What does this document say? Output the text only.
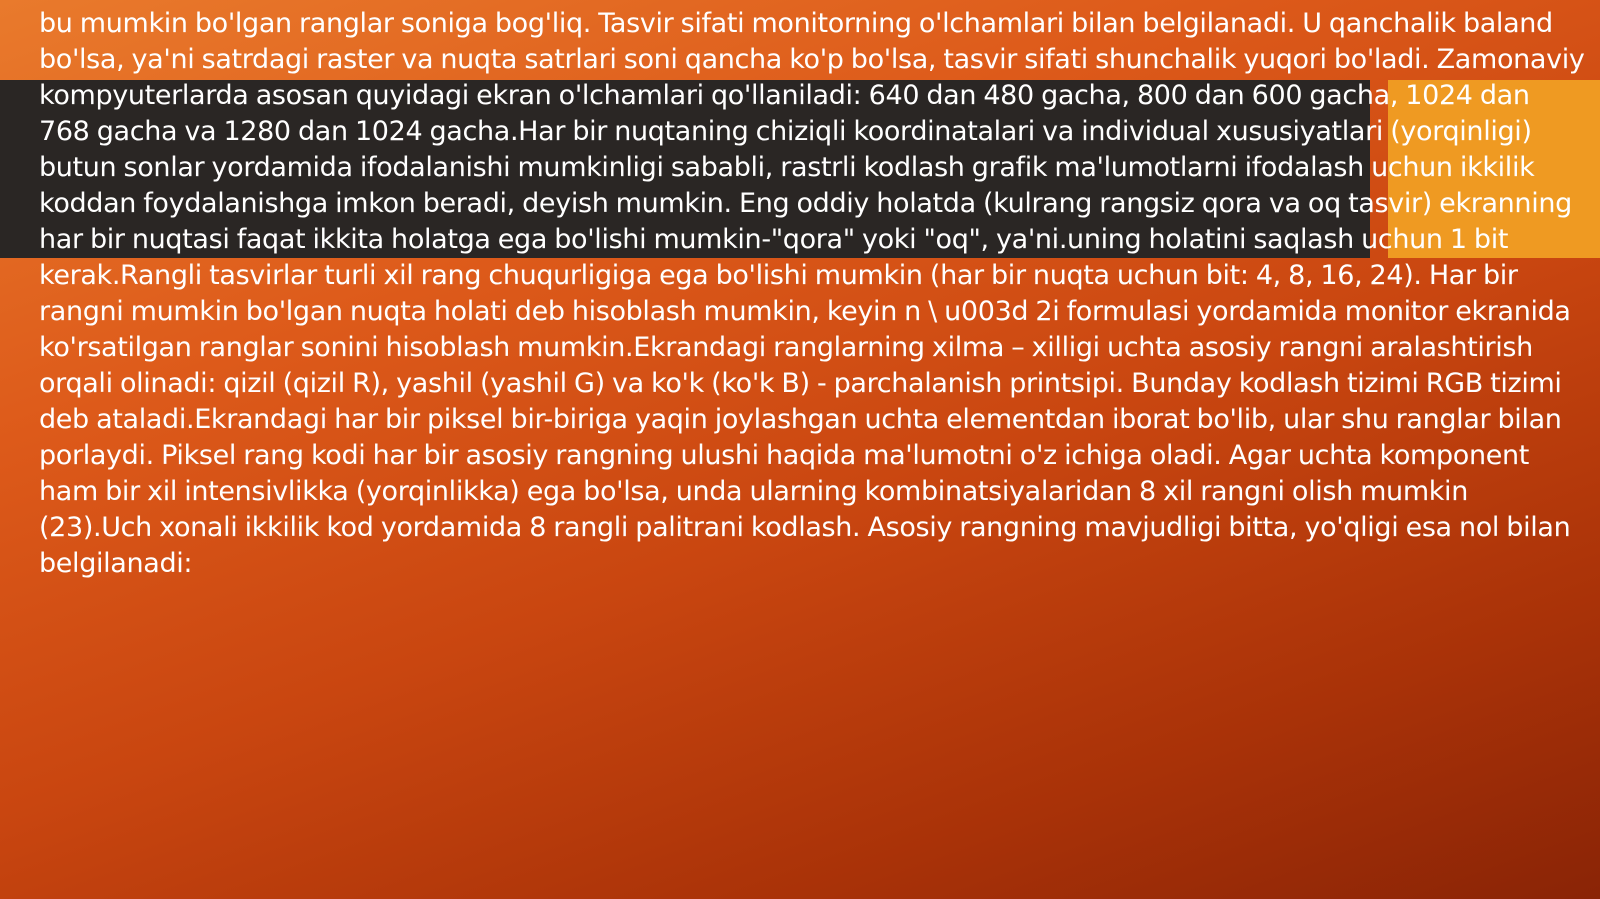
bu mumkin bo'lgan ranglar soniga bog'liq. Tasvir sifati monitorning o'lchamlari bilan belgilanadi. U qanchalik baland bo'lsa, ya'ni satrdagi raster va nuqta satrlari soni qancha ko'p bo'lsa, tasvir sifati shunchalik yuqori bo'ladi. Zamonaviy kompyuterlarda asosan quyidagi ekran o'lchamlari qo'llaniladi: 640 dan 480 gacha, 800 dan 600 gacha, 1024 dan 768 gacha va 1280 dan 1024 gacha.Har bir nuqtaning chiziqli koordinatalari va individual xususiyatlari (yorqinligi) butun sonlar yordamida ifodalanishi mumkinligi sababli, rastrli kodlash grafik ma'lumotlarni ifodalash uchun ikkilik koddan foydalanishga imkon beradi, deyish mumkin. Eng oddiy holatda (kulrang rangsiz qora va oq tasvir) ekranning har bir nuqtasi faqat ikkita holatga ega bo'lishi mumkin-"qora" yoki "oq", ya'ni.uning holatini saqlash uchun 1 bit kerak.Rangli tasvirlar turli xil rang chuqurligiga ega bo'lishi mumkin (har bir nuqta uchun bit: 4, 8, 16, 24). Har bir rangni mumkin bo'lgan nuqta holati deb hisoblash mumkin, keyin n \ u003d 2i formulasi yordamida monitor ekranida ko'rsatilgan ranglar sonini hisoblash mumkin.Ekrandagi ranglarning xilma – xilligi uchta asosiy rangni aralashtirish orqali olinadi: qizil (qizil R), yashil (yashil G) va ko'k (ko'k B) - parchalanish printsipi. Bunday kodlash tizimi RGB tizimi deb ataladi.Ekrandagi har bir piksel bir-biriga yaqin joylashgan uchta elementdan iborat bo'lib, ular shu ranglar bilan porlaydi. Piksel rang kodi har bir asosiy rangning ulushi haqida ma'lumotni o'z ichiga oladi. Agar uchta komponent ham bir xil intensivlikka (yorqinlikka) ega bo'lsa, unda ularning kombinatsiyalaridan 8 xil rangni olish mumkin (23).Uch xonali ikkilik kod yordamida 8 rangli palitrani kodlash. Asosiy rangning mavjudligi bitta, yo'qligi esa nol bilan belgilanadi:
